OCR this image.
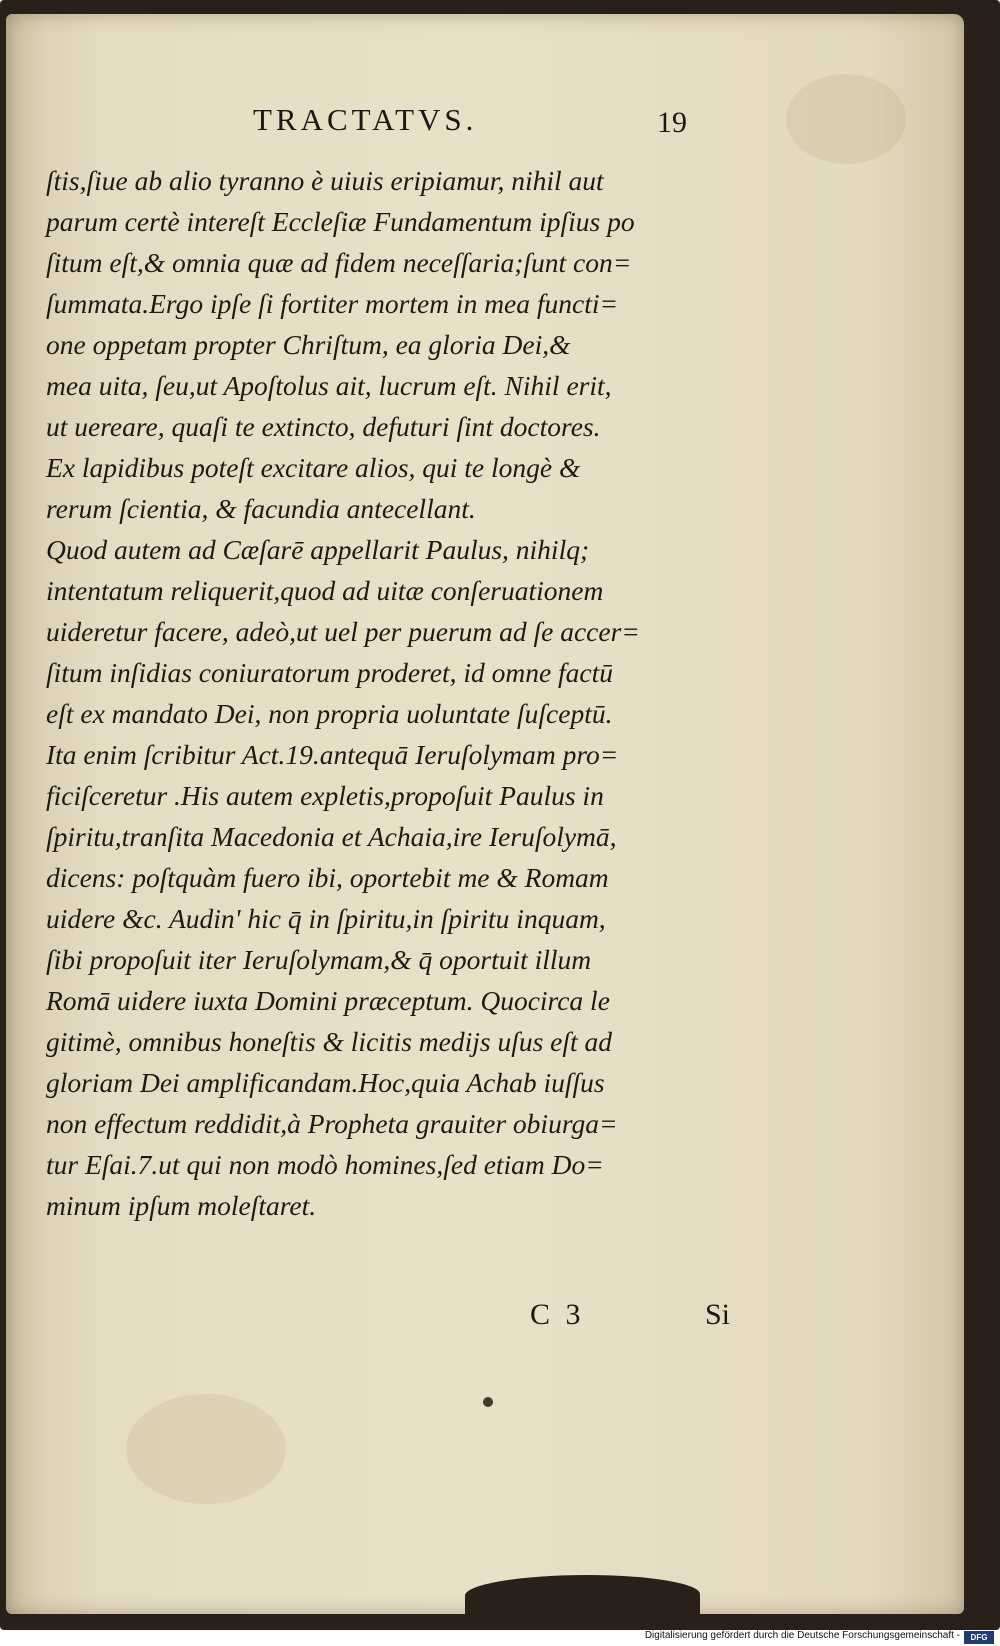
TRACTATVS.	19
ſtis,ſiue ab alio tyranno è uiuis eripiamur, nihil aut
parum certè intereſt Eccleſiæ Fundamentum ipſius po
ſitum eſt,& omnia quæ ad fidem neceſſaria;ſunt con=
ſummata.Ergo ipſe ſi fortiter mortem in mea functi=
one oppetam propter Chriſtum, ea gloria Dei,&
mea uita, ſeu,ut Apoſtolus ait, lucrum eſt. Nihil erit,
ut uereare, quaſi te extincto, defuturi ſint doctores.
Ex lapidibus poteſt excitare alios, qui te longè &
rerum ſcientia, & facundia antecellant.
Quod autem ad Cæſarē appellarit Paulus, nihilq;
intentatum reliquerit,quod ad uitæ conſeruationem
uideretur facere, adeò,ut uel per puerum ad ſe accer=
ſitum inſidias coniuratorum proderet, id omne factū
eſt ex mandato Dei, non propria uoluntate ſuſceptū.
Ita enim ſcribitur Act.19.antequā Ieruſolymam pro=
ficiſceretur .His autem expletis,propoſuit Paulus in
ſpiritu,tranſita Macedonia et Achaia,ire Ieruſolymā,
dicens: poſtquàm fuero ibi, oportebit me & Romam
uidere &c. Audin' hic q̄ in ſpiritu,in ſpiritu inquam,
ſibi propoſuit iter Ieruſolymam,& q̄ oportuit illum
Romā uidere iuxta Domini præceptum. Quocirca le
gitimè, omnibus honeſtis & licitis medijs uſus eſt ad
gloriam Dei amplificandam.Hoc,quia Achab iuſſus
non effectum reddidit,à Propheta grauiter obiurga=
tur Eſai.7.ut qui non modò homines,ſed etiam Do=
minum ipſum moleſtaret.
C 3	Si
Digitalisierung gefördert durch die Deutsche Forschungsgemeinschaft -	DFG
